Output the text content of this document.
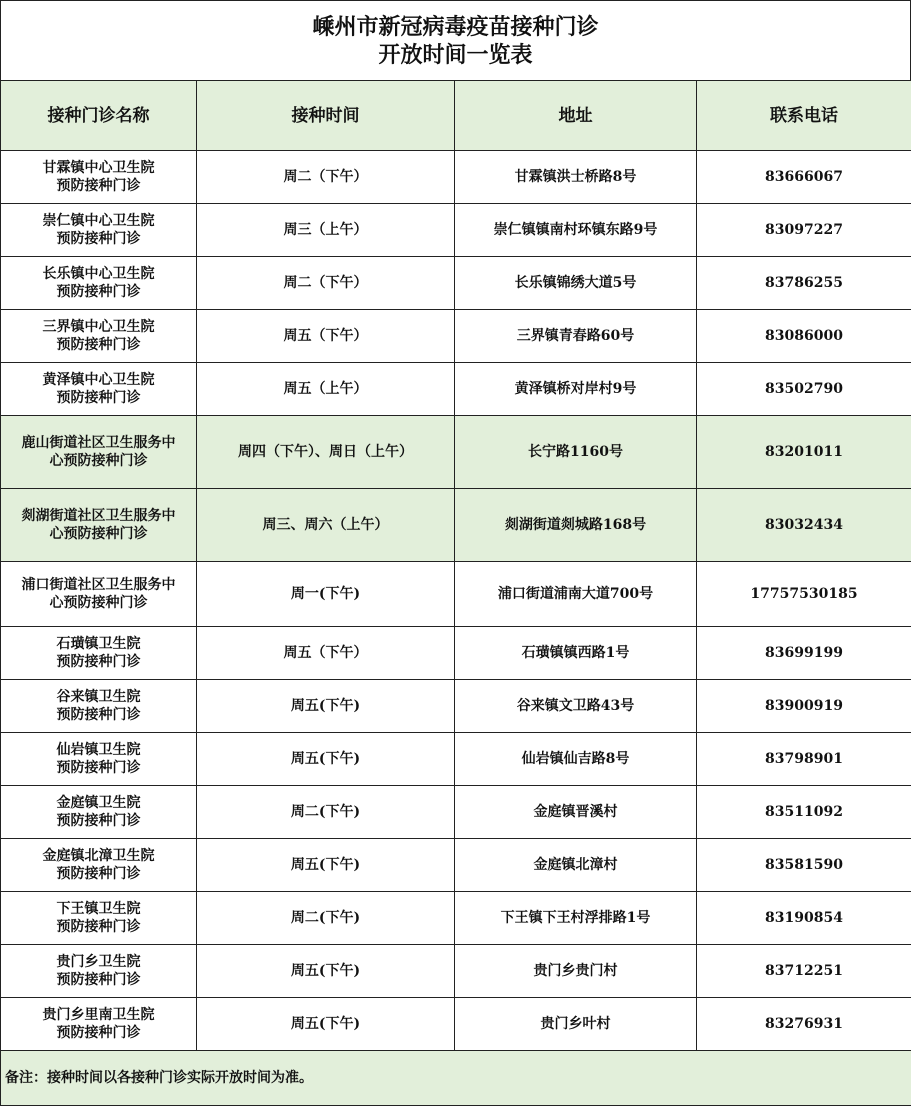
嵊州市新冠病毒疫苗接种门诊
开放时间一览表
接种门诊名称	接种时间	地址	联系电话

甘霖镇中心卫生院
预防接种门诊	周二（下午）	甘霖镇洪士桥路8号	83666067

崇仁镇中心卫生院
预防接种门诊	周三（上午）	崇仁镇镇南村环镇东路9号	83097227

长乐镇中心卫生院
预防接种门诊	周二（下午）	长乐镇锦绣大道5号	83786255

三界镇中心卫生院
预防接种门诊	周五（下午）	三界镇青春路60号	83086000

黄泽镇中心卫生院
预防接种门诊	周五（上午）	黄泽镇桥对岸村9号	83502790

鹿山街道社区卫生服务中
心预防接种门诊	周四（下午）、周日（上午）	长宁路1160号	83201011

剡湖街道社区卫生服务中
心预防接种门诊	周三、周六（上午）	剡湖街道剡城路168号	83032434

浦口街道社区卫生服务中
心预防接种门诊	周一(下午)	浦口街道浦南大道700号	17757530185

石璜镇卫生院
预防接种门诊	周五（下午）	石璜镇镇西路1号	83699199

谷来镇卫生院
预防接种门诊	周五(下午)	谷来镇文卫路43号	83900919

仙岩镇卫生院
预防接种门诊	周五(下午)	仙岩镇仙吉路8号	83798901

金庭镇卫生院
预防接种门诊	周二(下午)	金庭镇晋溪村	83511092

金庭镇北漳卫生院
预防接种门诊	周五(下午)	金庭镇北漳村	83581590

下王镇卫生院
预防接种门诊	周二(下午)	下王镇下王村浮排路1号	83190854

贵门乡卫生院
预防接种门诊	周五(下午)	贵门乡贵门村	83712251

贵门乡里南卫生院
预防接种门诊	周五(下午)	贵门乡叶村	83276931
备注：接种时间以各接种门诊实际开放时间为准。			
